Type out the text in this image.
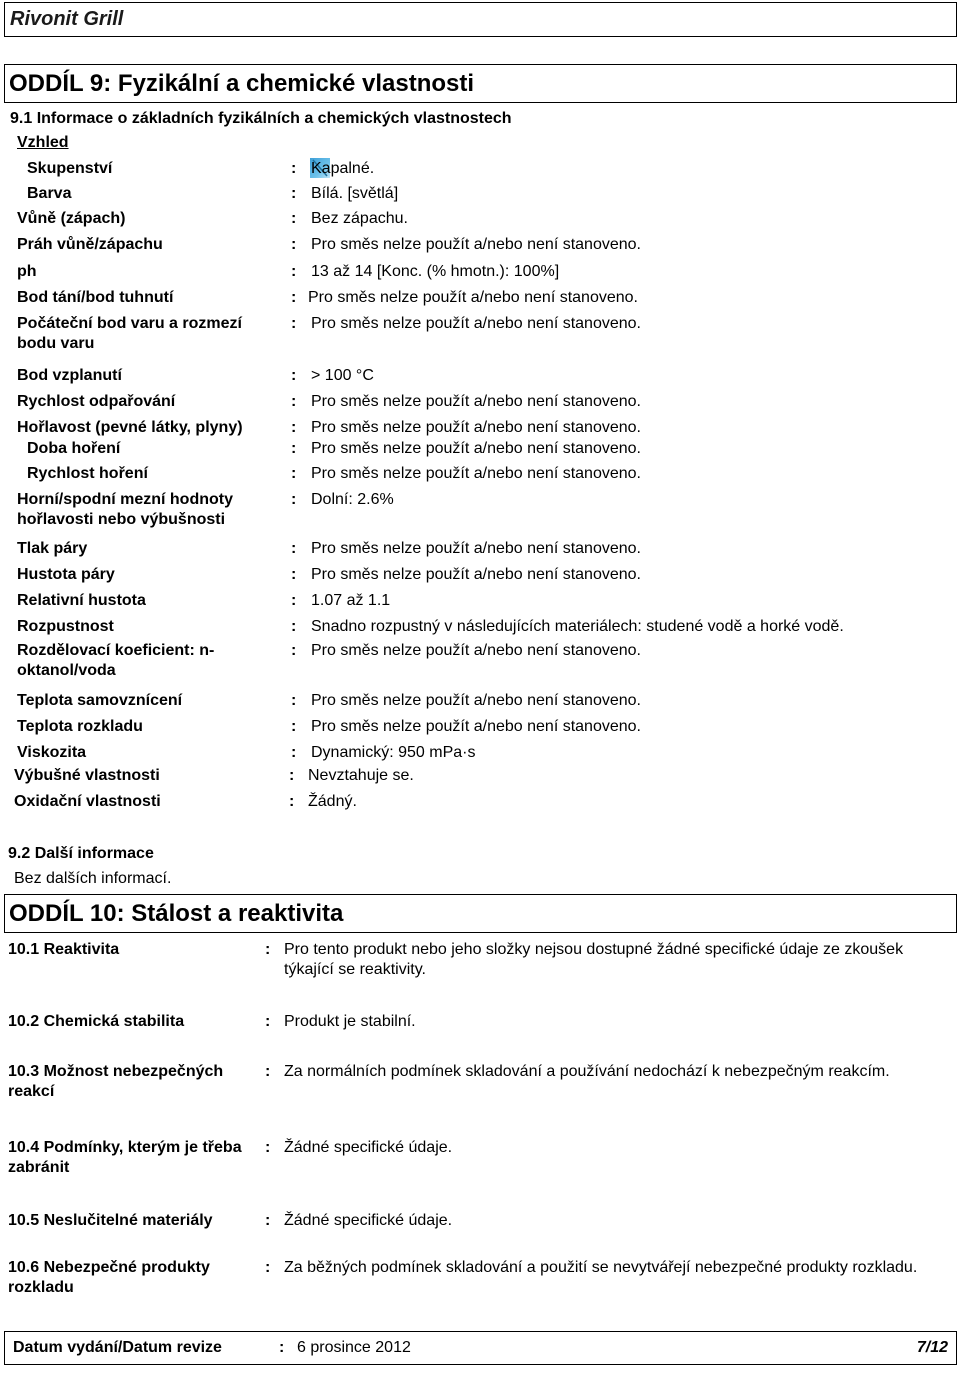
Rivonit Grill
ODDÍL 9: Fyzikální a chemické vlastnosti
9.1 Informace o základních fyzikálních a chemických vlastnostech
Vzhled
Skupenství	: Kapalné.
Barva	: Bílá. [světlá]
Vůně (zápach)	: Bez zápachu.
Práh vůně/zápachu	: Pro směs nelze použít a/nebo není stanoveno.
ph	: 13 až 14 [Konc. (% hmotn.): 100%]
Bod tání/bod tuhnutí	: Pro směs nelze použít a/nebo není stanoveno.
Počáteční bod varu a rozmezí bodu varu
: Pro směs nelze použít a/nebo není stanoveno.
Bod vzplanutí	: > 100 °C
Rychlost odpařování	: Pro směs nelze použít a/nebo není stanoveno.
Hořlavost (pevné látky, plyny)	: Pro směs nelze použít a/nebo není stanoveno.
Doba hoření	: Pro směs nelze použít a/nebo není stanoveno.
Rychlost hoření	: Pro směs nelze použít a/nebo není stanoveno.
Horní/spodní mezní hodnoty hořlavosti nebo výbušnosti
: Dolní: 2.6%
Tlak páry	: Pro směs nelze použít a/nebo není stanoveno.
Hustota páry	: Pro směs nelze použít a/nebo není stanoveno.
Relativní hustota	: 1.07 až 1.1
Rozpustnost	: Snadno rozpustný v následujících materiálech: studené vodě a horké vodě.
Rozdělovací koeficient: n-oktanol/voda
: Pro směs nelze použít a/nebo není stanoveno.
Teplota samovznícení	: Pro směs nelze použít a/nebo není stanoveno.
Teplota rozkladu	: Pro směs nelze použít a/nebo není stanoveno.
Viskozita	: Dynamický: 950 mPa·s
Výbušné vlastnosti	: Nevztahuje se.
Oxidační vlastnosti	: Žádný.
9.2 Další informace
Bez dalších informací.
ODDÍL 10: Stálost a reaktivita
10.1 Reaktivita	: Pro tento produkt nebo jeho složky nejsou dostupné žádné specifické údaje ze zkoušek týkající se reaktivity.
10.2 Chemická stabilita	: Produkt je stabilní.
10.3 Možnost nebezpečných reakcí
: Za normálních podmínek skladování a používání nedochází k nebezpečným reakcím.
10.4 Podmínky, kterým je třeba zabránit
: Žádné specifické údaje.
10.5 Neslučitelné materiály	: Žádné specifické údaje.
10.6 Nebezpečné produkty rozkladu
: Za běžných podmínek skladování a použití se nevytvářejí nebezpečné produkty rozkladu.
Datum vydání/Datum revize	: 6 prosince 2012	7/12
